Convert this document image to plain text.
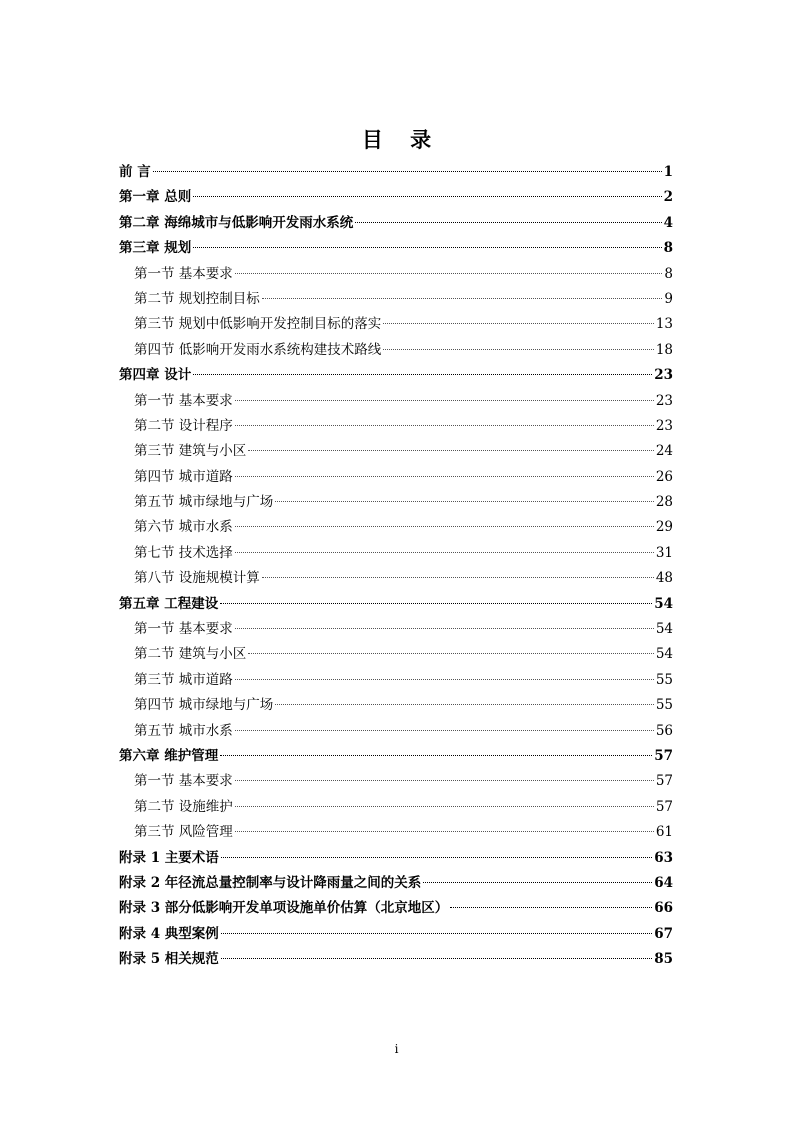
目 录
前 言	1
第一章 总则	2
第二章 海绵城市与低影响开发雨水系统	4
第三章 规划	8
第一节 基本要求	8
第二节 规划控制目标	9
第三节 规划中低影响开发控制目标的落实	13
第四节 低影响开发雨水系统构建技术路线	18
第四章 设计	23
第一节 基本要求	23
第二节 设计程序	23
第三节 建筑与小区	24
第四节 城市道路	26
第五节 城市绿地与广场	28
第六节 城市水系	29
第七节 技术选择	31
第八节 设施规模计算	48
第五章 工程建设	54
第一节 基本要求	54
第二节 建筑与小区	54
第三节 城市道路	55
第四节 城市绿地与广场	55
第五节 城市水系	56
第六章 维护管理	57
第一节 基本要求	57
第二节 设施维护	57
第三节 风险管理	61
附录 1 主要术语	63
附录 2 年径流总量控制率与设计降雨量之间的关系	64
附录 3 部分低影响开发单项设施单价估算（北京地区）	66
附录 4 典型案例	67
附录 5 相关规范	85
i
